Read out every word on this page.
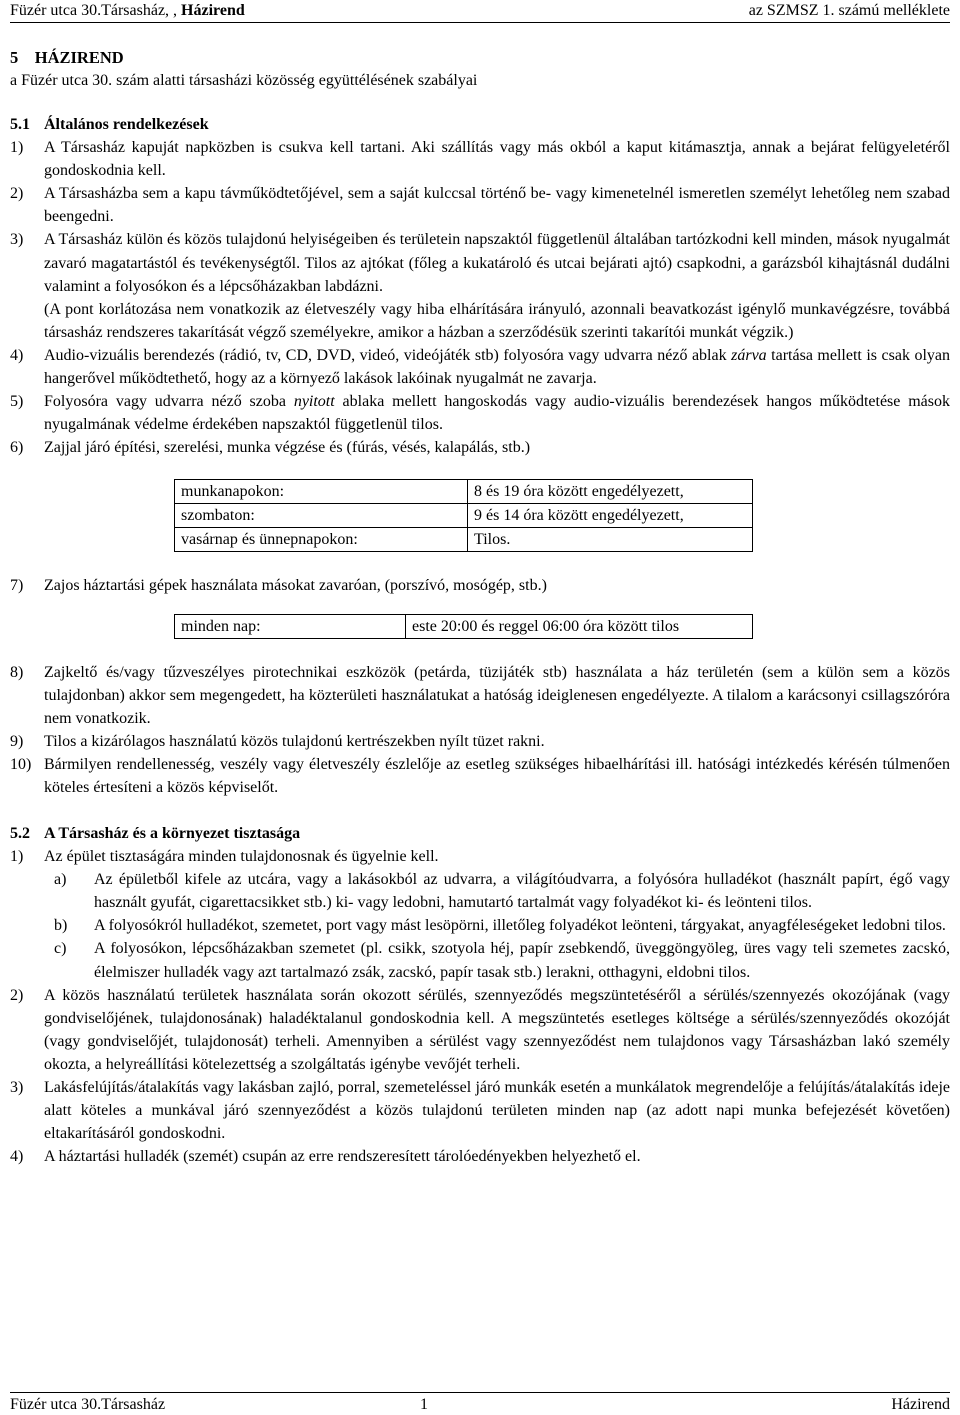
Füzér utca 30.Társasház, , Házirend	az SZMSZ 1. számú melléklete
5    HÁZIREND
a Füzér utca 30. szám alatti társasházi közösség együttélésének szabályai
5.1 Általános rendelkezések
1)	A Társasház kapuját napközben is csukva kell tartani. Aki szállítás vagy más okból a kaput kitámasztja, annak a bejárat felügyeletéről gondoskodnia kell.
2)	A Társasházba sem a kapu távműködtetőjével, sem a saját kulccsal történő be- vagy kimenetelnél ismeretlen személyt lehetőleg nem szabad beengedni.
3)	A Társasház külön és közös tulajdonú helyiségeiben és területein napszaktól függetlenül általában tartózkodni kell minden, mások nyugalmát zavaró magatartástól és tevékenységtől. Tilos az ajtókat (főleg a kukatároló és utcai bejárati ajtó) csapkodni, a garázsból kihajtásnál dudálni valamint a folyosókon és a lépcsőházakban labdázni.
(A pont korlátozása nem vonatkozik az életveszély vagy hiba elhárítására irányuló, azonnali beavatkozást igénylő munkavégzésre, továbbá társasház rendszeres takarítását végző személyekre, amikor a házban a szerződésük szerinti takarítói munkát végzik.)
4)	Audio-vizuális berendezés (rádió, tv, CD, DVD, videó, videójáték stb) folyosóra vagy udvarra néző ablak zárva tartása mellett is csak olyan hangerővel működtethető, hogy az a környező lakások lakóinak nyugalmát ne zavarja.
5)	Folyosóra vagy udvarra néző szoba nyitott ablaka mellett hangoskodás vagy audio-vizuális berendezések hangos működtetése mások nyugalmának védelme érdekében napszaktól függetlenül tilos.
6)	Zajjal járó építési, szerelési, munka végzése és (fúrás, vésés, kalapálás, stb.)
munkanapokon:	8 és 19 óra között engedélyezett,
szombaton:	9 és 14 óra között engedélyezett,
vasárnap és ünnepnapokon:	Tilos.
7)	Zajos háztartási gépek használata másokat zavaróan, (porszívó, mosógép, stb.)
minden nap:	este 20:00 és reggel 06:00 óra között tilos
8)	Zajkeltő és/vagy tűzveszélyes pirotechnikai eszközök (petárda, tüzijáték stb) használata a ház területén (sem a külön sem a közös tulajdonban) akkor sem megengedett, ha közterületi használatukat a hatóság ideiglenesen engedélyezte. A tilalom a karácsonyi csillagszóróra nem vonatkozik.
9)	Tilos a kizárólagos használatú közös tulajdonú kertrészekben nyílt tüzet rakni.
10) Bármilyen rendellenesség, veszély vagy életveszély észlelője az esetleg szükséges hibaelhárítási ill. hatósági intézkedés kérésén túlmenően köteles értesíteni a közös képviselőt.
5.2 A Társasház és a környezet tisztasága
1)	Az épület tisztaságára minden tulajdonosnak és ügyelnie kell.
a)	Az épületből kifele az utcára, vagy a lakásokból az udvarra, a világítóudvarra, a folyósóra hulladékot (használt papírt, égő vagy használt gyufát, cigarettacsikket stb.) ki- vagy ledobni, hamutartó tartalmát vagy folyadékot ki- és leönteni tilos.
b)	A folyosókról hulladékot, szemetet, port vagy mást lesöpörni, illetőleg folyadékot leönteni, tárgyakat, anyagféleségeket ledobni tilos.
c)	A folyosókon, lépcsőházakban szemetet (pl. csikk, szotyola héj, papír zsebkendő, üveggöngyöleg, üres vagy teli szemetes zacskó, élelmiszer hulladék vagy azt tartalmazó zsák, zacskó, papír tasak stb.) lerakni, otthagyni, eldobni tilos.
2)	A közös használatú területek használata során okozott sérülés, szennyeződés megszüntetéséről a sérülés/szennyezés okozójának (vagy gondviselőjének, tulajdonosának) haladéktalanul gondoskodnia kell. A megszüntetés esetleges költsége a sérülés/szennyeződés okozóját (vagy gondviselőjét, tulajdonosát) terheli. Amennyiben a sérülést vagy szennyeződést nem tulajdonos vagy Társasházban lakó személy okozta, a helyreállítási kötelezettség a szolgáltatás igénybe vevőjét terheli.
3)	Lakásfelújítás/átalakítás vagy lakásban zajló, porral, szemeteléssel járó munkák esetén a munkálatok megrendelője a felújítás/átalakítás ideje alatt köteles a munkával járó szennyeződést a közös tulajdonú területen minden nap (az adott napi munka befejezését követően) eltakarításáról gondoskodni.
4)	A háztartási hulladék (szemét) csupán az erre rendszeresített tárolóedényekben helyezhető el.
Füzér utca 30.Társasház	1	Házirend
